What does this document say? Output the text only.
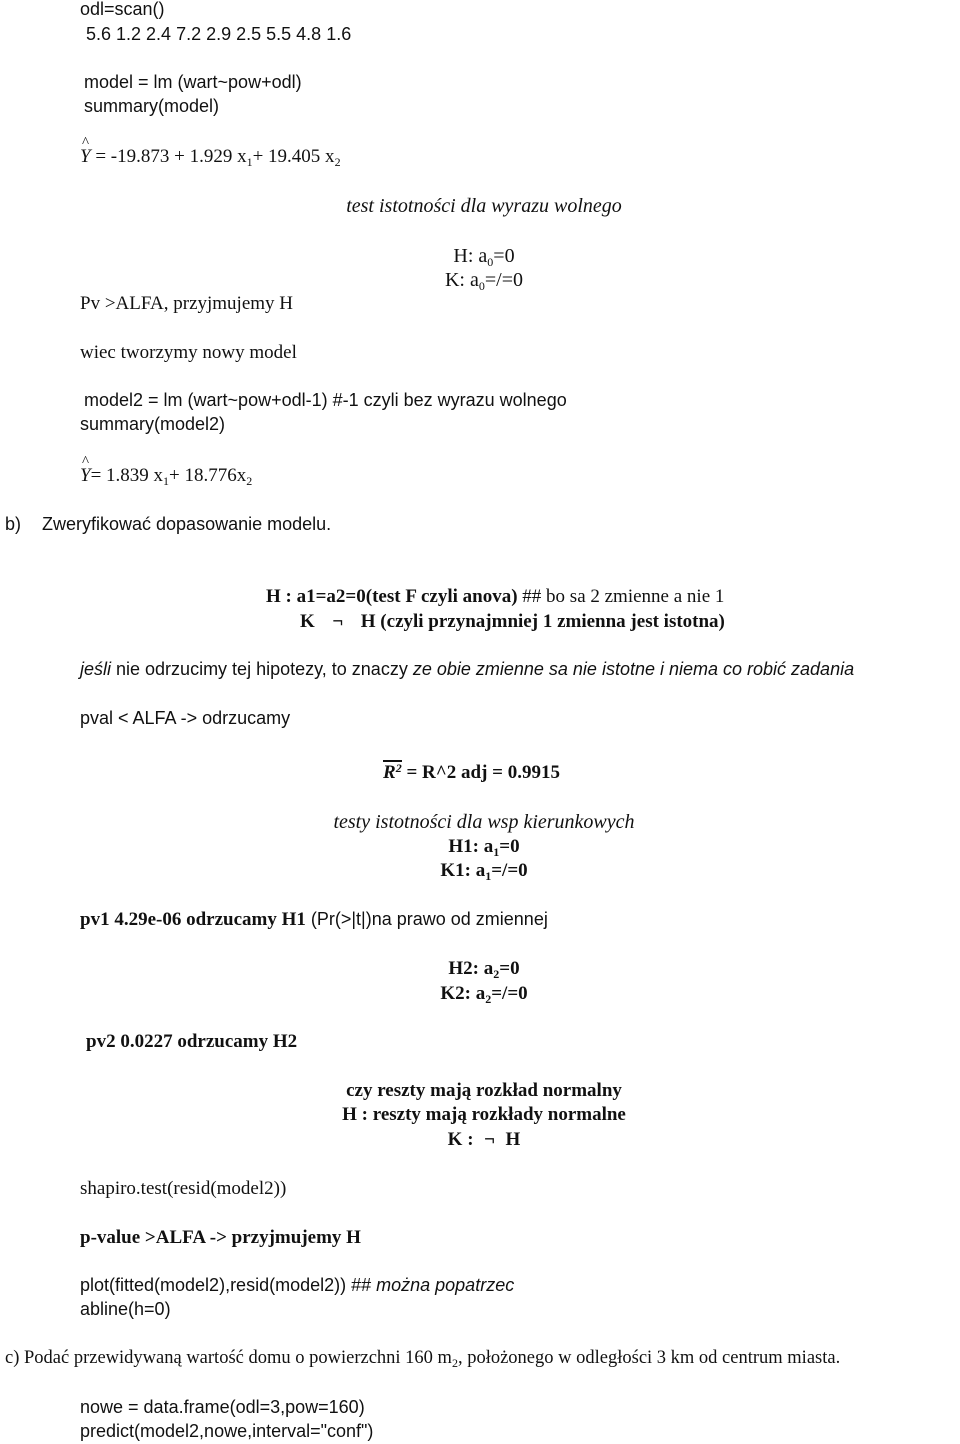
odl=scan()
5.6 1.2 2.4 7.2 2.9 2.5 5.5 4.8 1.6
model = lm (wart~pow+odl)
summary(model)
^ Y = -19.873 + 1.929 $x_1+ 19.405$ $x_2$
test istotności dla wyrazu wolnego
H: $a_0=0$
K: $a_0=/=0$
Pv >ALFA, przyjmujemy H
wiec tworzymy nowy model
model2 = lm (wart~pow+odl-1) #-1 czyli bez wyrazu wolnego
summary(model2)
^ Y= 1.839 $x_1+ 18.776x_2$
b) Zweryfikować dopasowanie modelu.
H : a1=a2=0(test F czyli anova) ## bo sa 2 zmienne a nie 1
K ¬ H (czyli przynajmniej 1 zmienna jest istotna)
jeśli nie odrzucimy tej hipotezy, to znaczy ze obie zmienne sa nie istotne i niema co robić zadania
pval < ALFA -> odrzucamy
$R^2$ = R^2 adj = 0.9915
testy istotności dla wsp kierunkowych
H1: $a_1=0$
K1: $a_1=/=0$
pv1 4.29e-06 odrzucamy H1 (Pr(>|t|)na prawo od zmiennej
H2: $a_2=0$
K2: $a_2=/=0$
pv2 0.0227 odrzucamy H2
czy reszty mają rozkład normalny
H : reszty mają rozkłady normalne
K : ¬ H
shapiro.test(resid(model2))
p-value >ALFA -> przyjmujemy H
plot(fitted(model2),resid(model2)) ## można popatrzec
abline(h=0)
c) Podać przewidywaną wartość domu o powierzchni 160 $m_2$, położonego w odległości 3 km od centrum miasta.
nowe = data.frame(odl=3,pow=160)
predict(model2,nowe,interval="conf")
